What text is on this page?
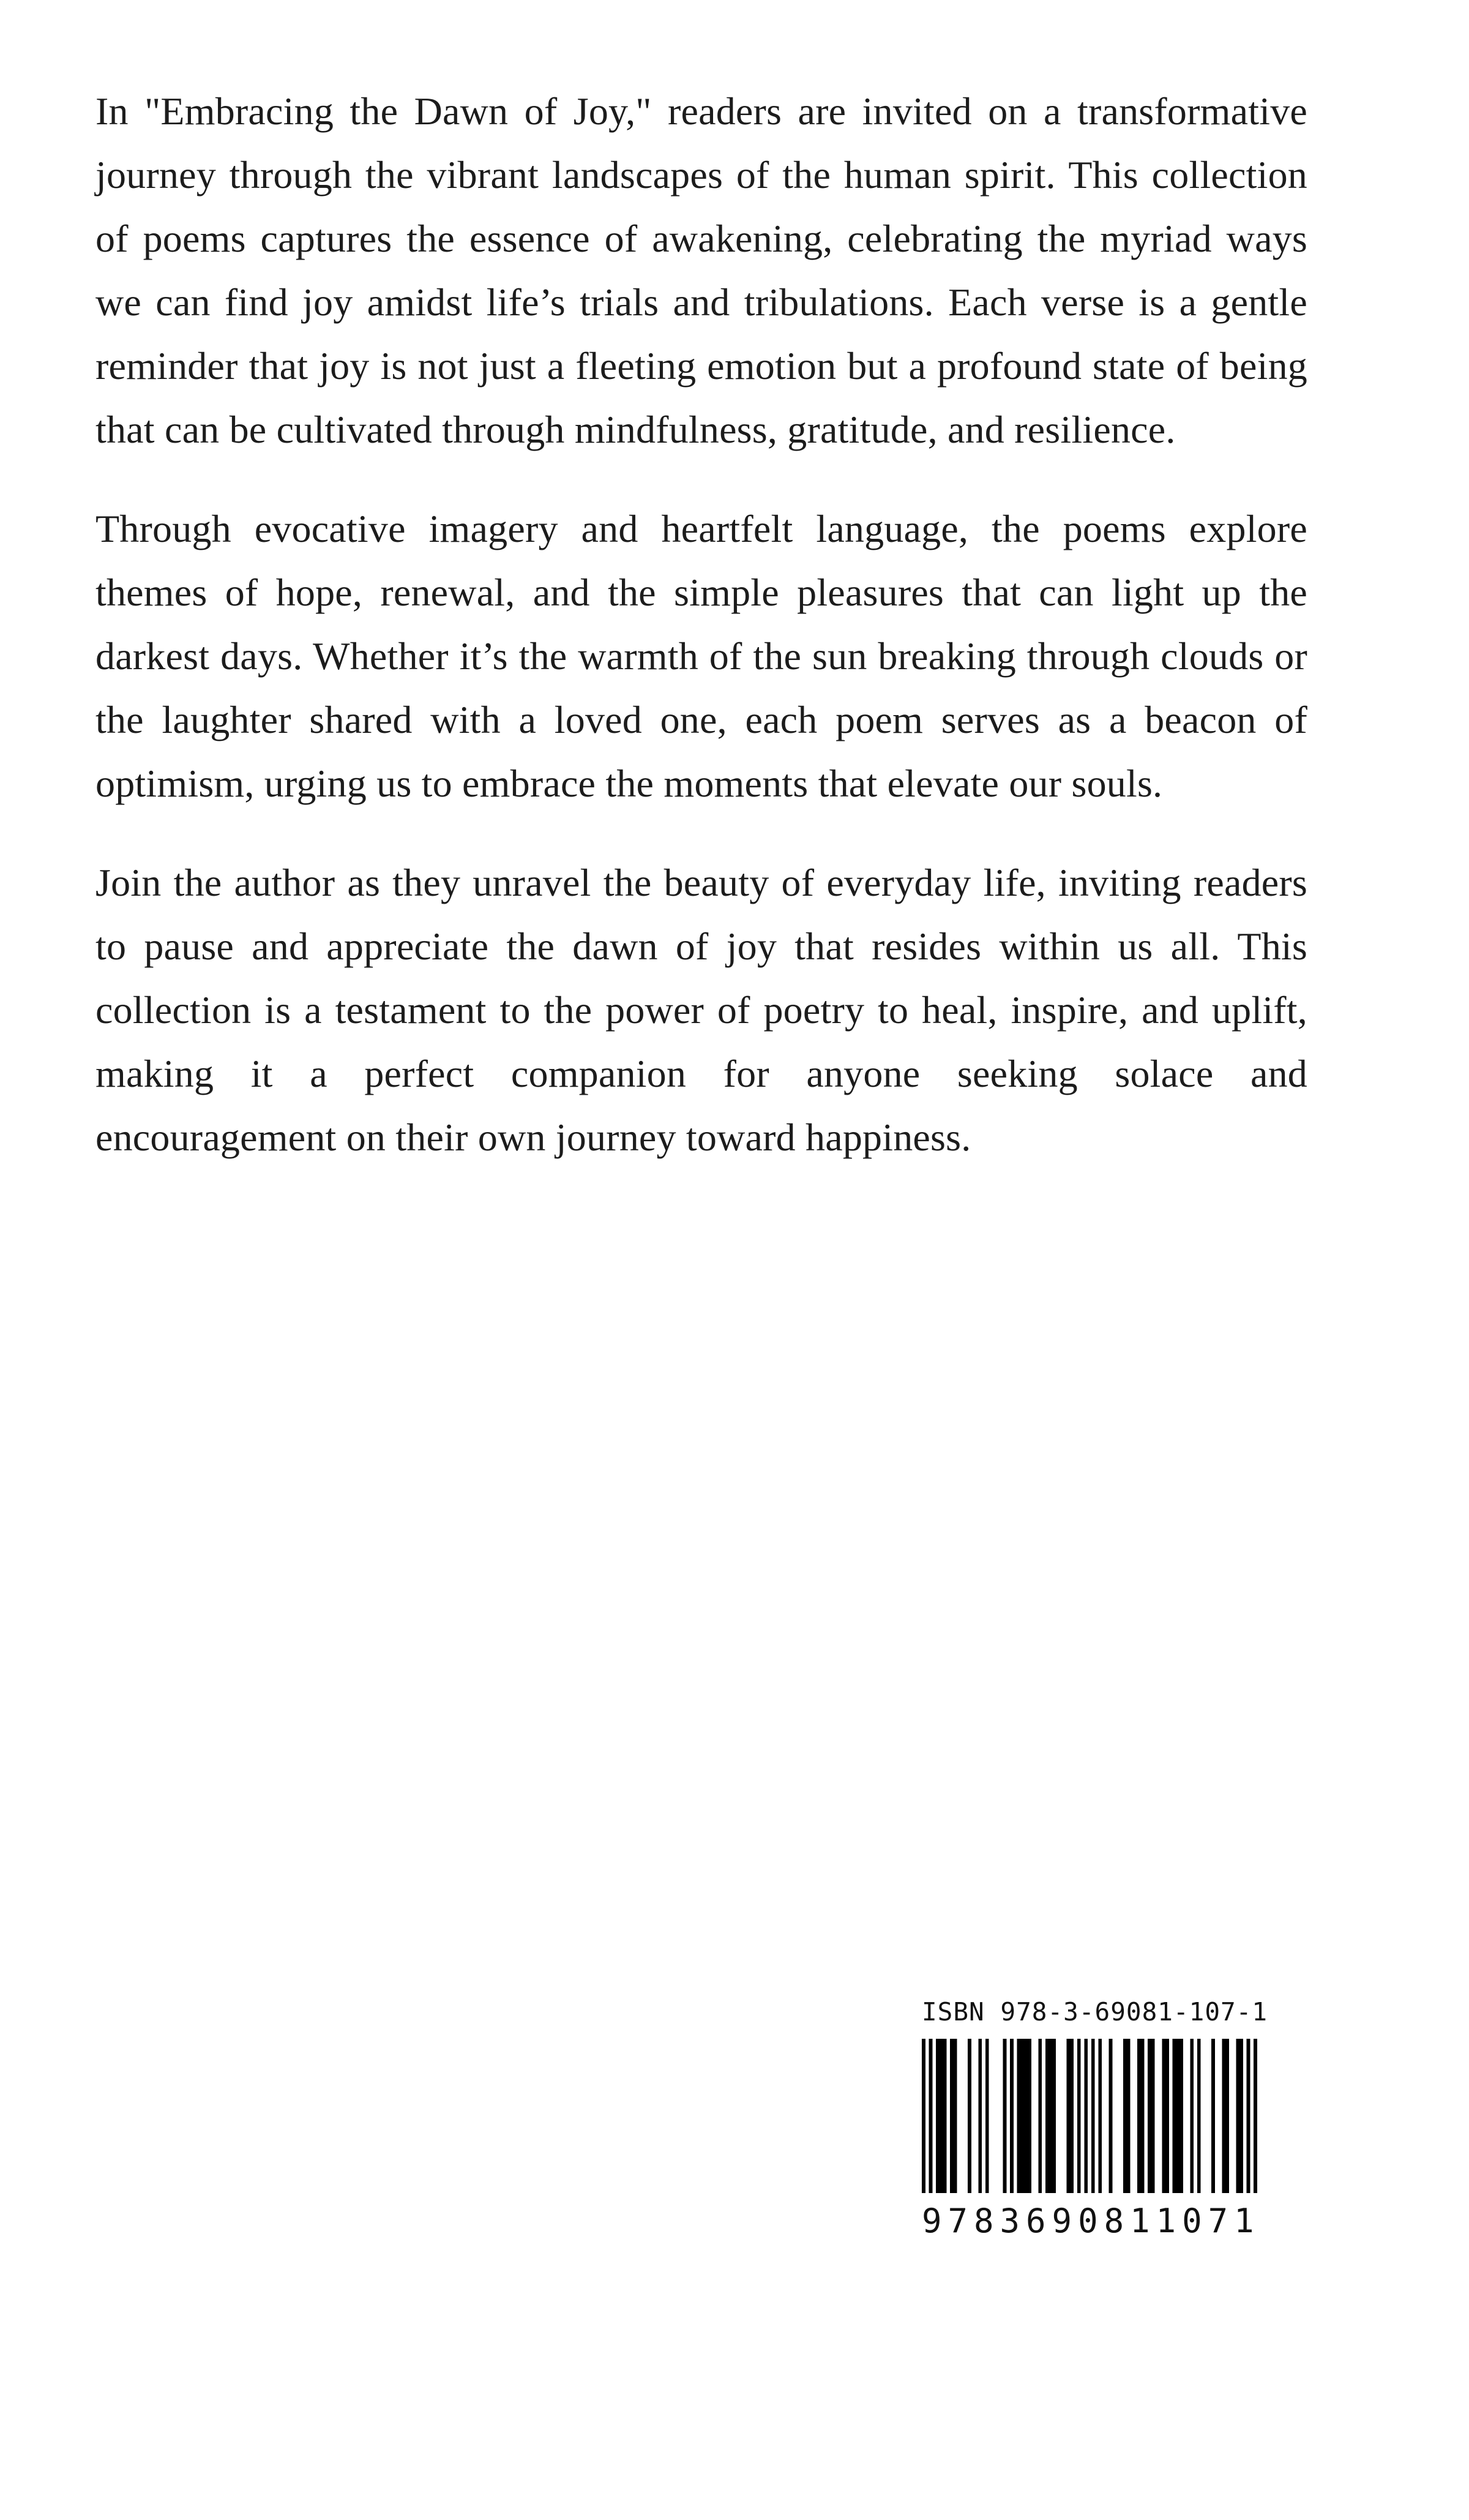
In "Embracing the Dawn of Joy," readers are invited on a transformative journey through the vibrant landscapes of the human spirit. This collection of poems captures the essence of awakening, celebrating the myriad ways we can find joy amidst life’s trials and tribulations. Each verse is a gentle reminder that joy is not just a fleeting emotion but a profound state of being that can be cultivated through mindfulness, gratitude, and resilience.

Through evocative imagery and heartfelt language, the poems explore themes of hope, renewal, and the simple pleasures that can light up the darkest days. Whether it’s the warmth of the sun breaking through clouds or the laughter shared with a loved one, each poem serves as a beacon of optimism, urging us to embrace the moments that elevate our souls.

Join the author as they unravel the beauty of everyday life, inviting readers to pause and appreciate the dawn of joy that resides within us all. This collection is a testament to the power of poetry to heal, inspire, and uplift, making it a perfect companion for anyone seeking solace and encouragement on their own journey toward happiness.

ISBN 978-3-69081-107-1
9783690811071
